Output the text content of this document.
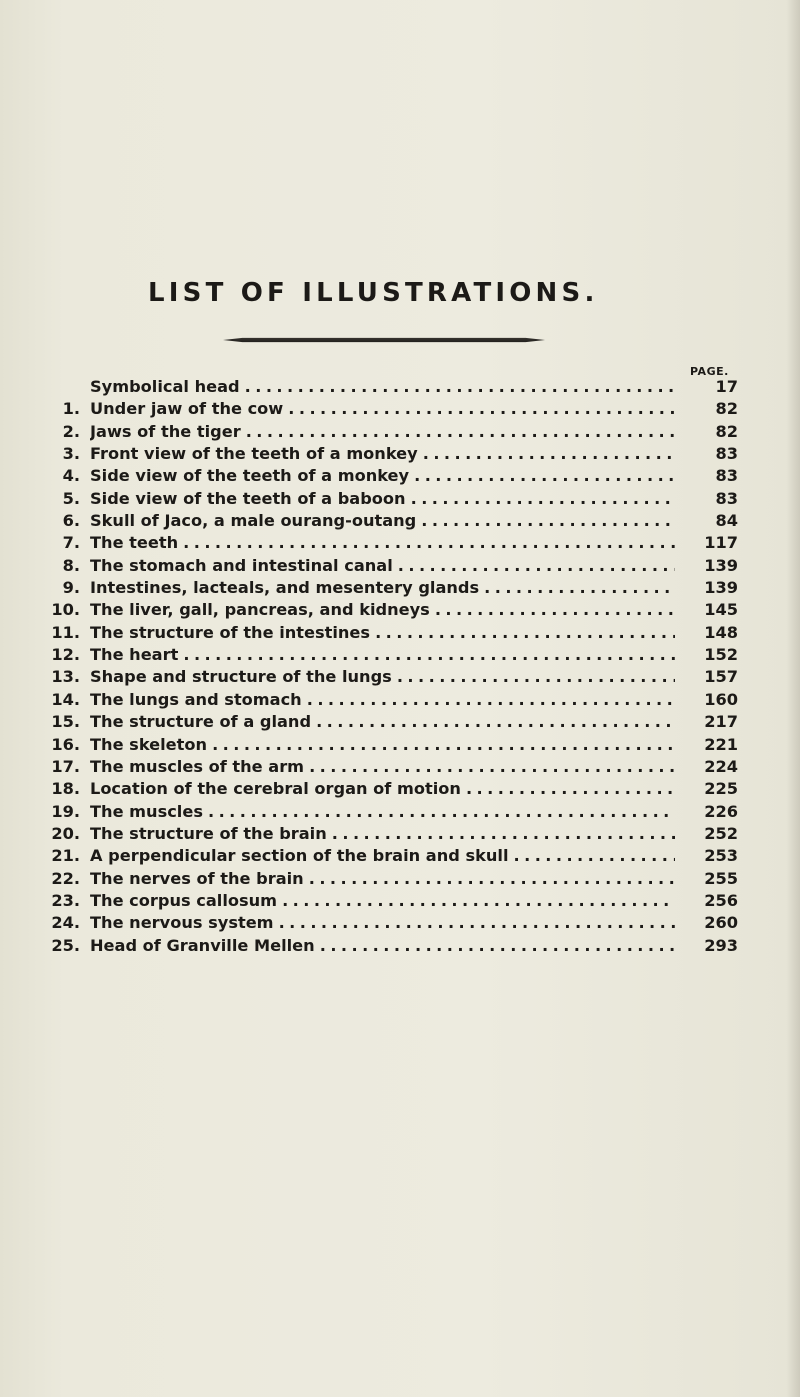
LIST OF ILLUSTRATIONS.
PAGE.
Symbolical head . . .	17
1. Under jaw of the cow . . .	82
2. Jaws of the tiger . . .	82
3. Front view of the teeth of a monkey . . .	83
4. Side view of the teeth of a monkey . . .	83
5. Side view of the teeth of a baboon . . .	83
6. Skull of Jaco, a male ourang-outang . . .	84
7. The teeth . . .	117
8. The stomach and intestinal canal . . .	139
9. Intestines, lacteals, and mesentery glands . . .	139
10. The liver, gall, pancreas, and kidneys . . .	145
11. The structure of the intestines . . .	148
12. The heart . . .	152
13. Shape and structure of the lungs . . .	157
14. The lungs and stomach . . .	160
15. The structure of a gland . . .	217
16. The skeleton . . .	221
17. The muscles of the arm . . .	224
18. Location of the cerebral organ of motion . . .	225
19. The muscles . . .	226
20. The structure of the brain . . .	252
21. A perpendicular section of the brain and skull . . .	253
22. The nerves of the brain . . .	255
23. The corpus callosum . . .	256
24. The nervous system . . .	260
25. Head of Granville Mellen . . .	293
